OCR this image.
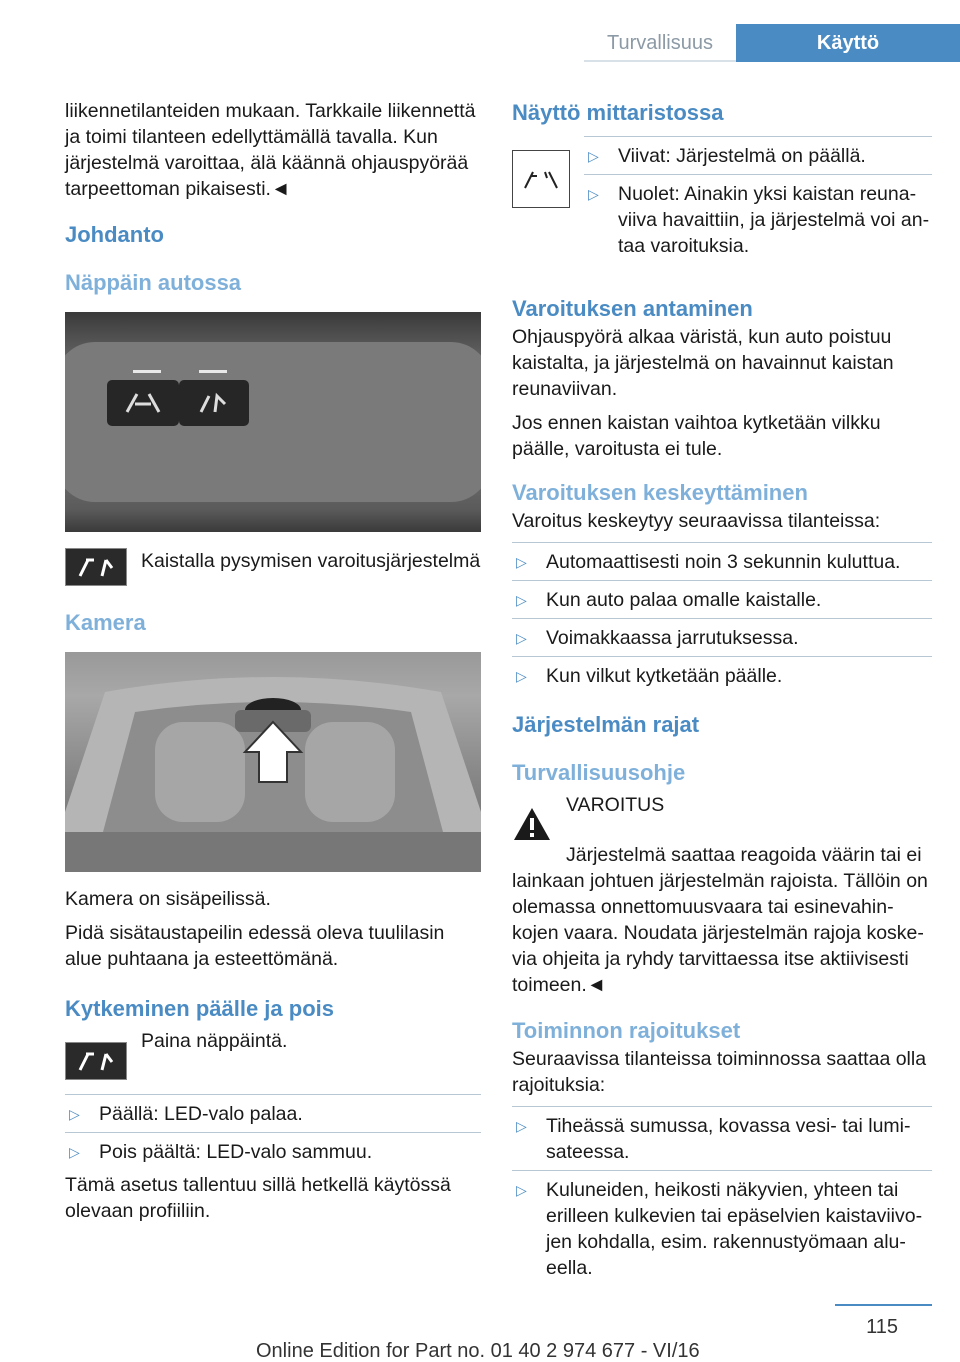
Turvallisuus	Käyttö

liikennetilanteiden mukaan. Tarkkaile liikennettä ja toimi tilanteen edellyttämällä tavalla. Kun järjestelmä varoittaa, älä käännä ohjauspyörää tarpeettoman pikaisesti.◄

Johdanto
Näppäin autossa

Kaistalla pysymisen varoitusjärjestelmä

Kamera

Kamera on sisäpeilissä.

Pidä sisätaustapeilin edessä oleva tuulilasin alue puhtaana ja esteettömänä.

Kytkeminen päälle ja pois

Paina näppäintä.

▷ Päällä: LED-valo palaa.
▷ Pois päältä: LED-valo sammuu.

Tämä asetus tallentuu sillä hetkellä käytössä olevaan profiiliin.

Näyttö mittaristossa
▷ Viivat: Järjestelmä on päällä.
▷ Nuolet: Ainakin yksi kaistan reunaviiva havaittiin, ja järjestelmä voi antaa varoituksia.
Varoituksen antaminen

Ohjauspyörä alkaa väristä, kun auto poistuu kaistalta, ja järjestelmä on havainnut kaistan reunaviivan.

Jos ennen kaistan vaihtoa kytketään vilkku päälle, varoitusta ei tule.

Varoituksen keskeyttäminen

Varoitus keskeytyy seuraavissa tilanteissa:

▷ Automaattisesti noin 3 sekunnin kuluttua.
▷ Kun auto palaa omalle kaistalle.
▷ Voimakkaassa jarrutuksessa.
▷ Kun vilkut kytketään päälle.
Järjestelmän rajat
Turvallisuusohje

VAROITUS

Järjestelmä saattaa reagoida väärin tai ei lainkaan johtuen järjestelmän rajoista. Tällöin on olemassa onnettomuusvaara tai esinevahinkojen vaara. Noudata järjestelmän rajoja koskevia ohjeita ja ryhdy tarvittaessa itse aktiivisesti toimeen.◄

Toiminnon rajoitukset

Seuraavissa tilanteissa toiminnossa saattaa olla rajoituksia:

▷ Tiheässä sumussa, kovassa vesi- tai lumisateessa.
▷ Kuluneiden, heikosti näkyvien, yhteen tai erilleen kulkevien tai epäselvien kaistaviivojen kohdalla, esim. rakennustyömaan alueella.
115
Online Edition for Part no. 01 40 2 974 677 - VI/16
